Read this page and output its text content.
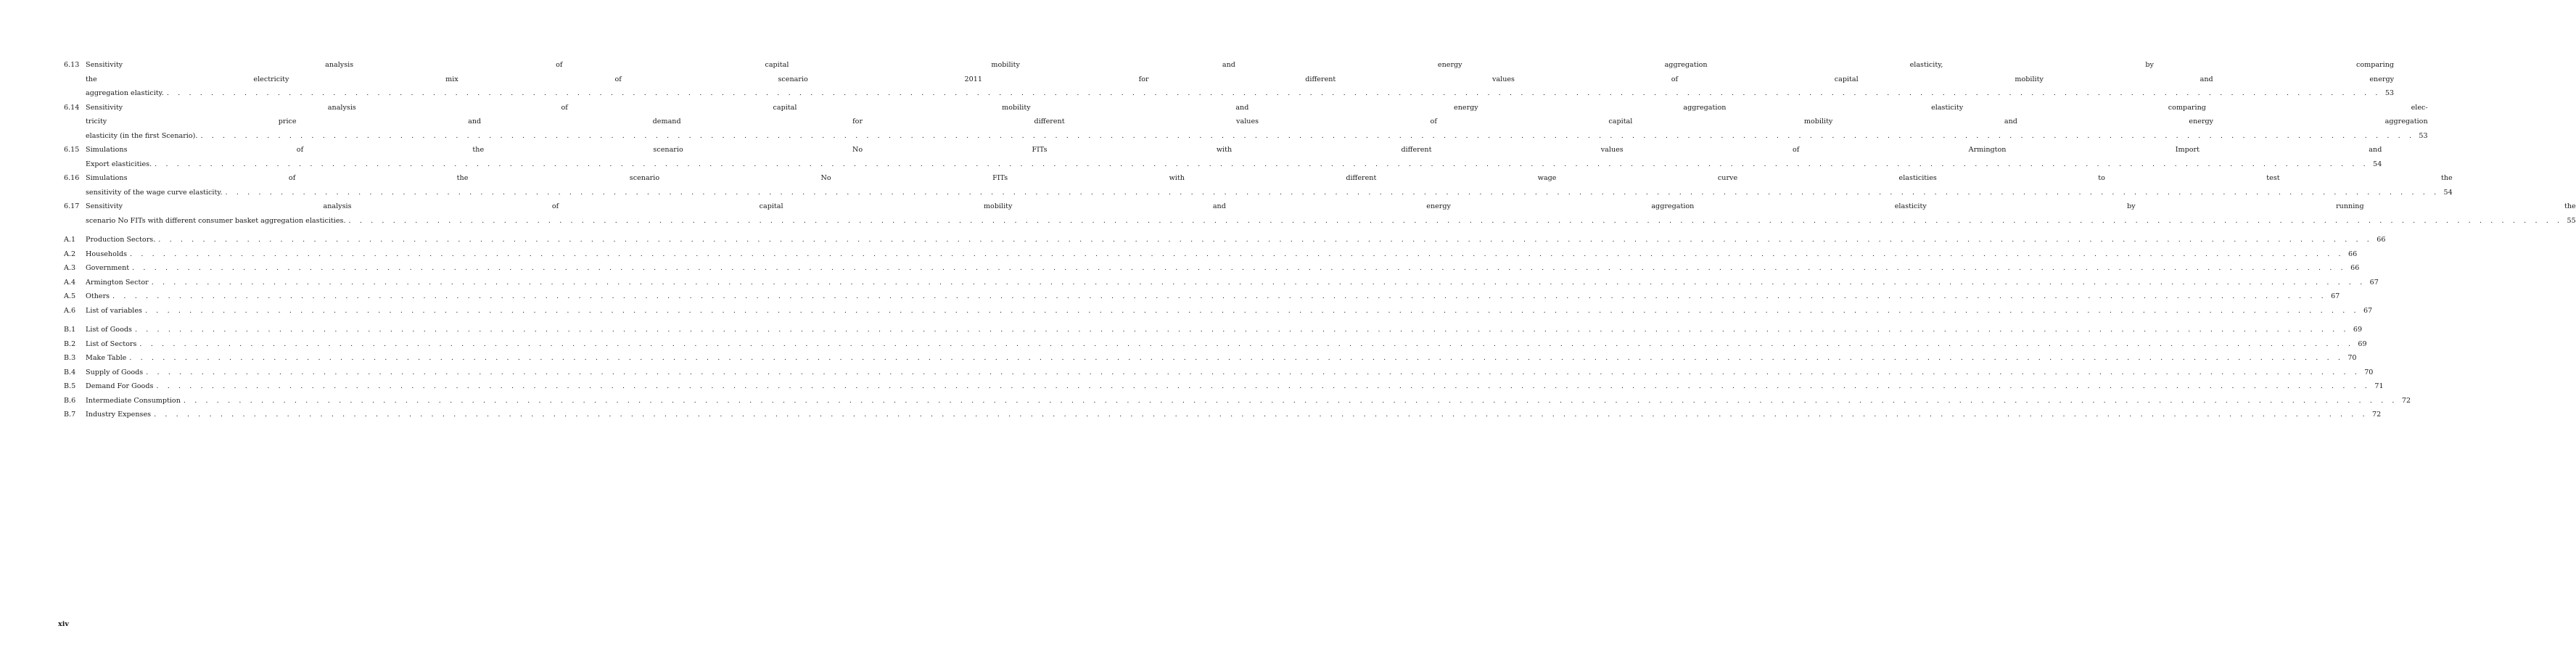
6.13 Sensitivity analysis of capital mobility and energy aggregation elasticity, by comparing
the electricity mix of scenario 2011 for different values of capital mobility and energy
aggregation elasticity. . . . . . . . . . . . . . . . . . . . . . . . . . . . . . . . . . . . . . . . . . . . . . . . . . . . . . . . . . . . . . . . . . . . . . . . . . . . . . . . . . . . . . . . . . . . . . . . . . . . . . . . . . . . . . . . . . . . . . . . . . . . . . . . . . . . . . . . . . . . . . . . . . . . . . . . . . . . . . . . . . . . . . . . . . . . . . . . . . . . . . . . . . . . . . . . . . . . . . . . . 53
6.14 Sensitivity analysis of capital mobility and energy aggregation elasticity comparing elec-
tricity price and demand for different values of capital mobility and energy aggregation
elasticity (in the first Scenario). . . . . . . . . . . . . . . . . . . . . . . . . . . . . . . . . . . . . . . . . . . . . . . . . . . . . . . . . . . . . . . . . . . . . . . . . . . . . . . . . . . . . . . . . . . . . . . . . . . . . . . . . . . . . . . . . . . . . . . . . . . . . . . . . . . . . . . . . . . . . . . . . . . . . . . . . . . . . . . . . . . . . . . . . . . . . . . . . . . . . . . . . . . . . . . . . . . . . . . . . 53
6.15 Simulations of the scenario No FITs with different values of Armington Import and
Export elasticities. . . . . . . . . . . . . . . . . . . . . . . . . . . . . . . . . . . . . . . . . . . . . . . . . . . . . . . . . . . . . . . . . . . . . . . . . . . . . . . . . . . . . . . . . . . . . . . . . . . . . . . . . . . . . . . . . . . . . . . . . . . . . . . . . . . . . . . . . . . . . . . . . . . . . . . . . . . . . . . . . . . . . . . . . . . . . . . . . . . . . . . . . . . . . . . . . . . . . . . . . 54
6.16 Simulations of the scenario No FITs with different wage curve elasticities to test the
sensitivity of the wage curve elasticity. . . . . . . . . . . . . . . . . . . . . . . . . . . . . . . . . . . . . . . . . . . . . . . . . . . . . . . . . . . . . . . . . . . . . . . . . . . . . . . . . . . . . . . . . . . . . . . . . . . . . . . . . . . . . . . . . . . . . . . . . . . . . . . . . . . . . . . . . . . . . . . . . . . . . . . . . . . . . . . . . . . . . . . . . . . . . . . . . . . . . . . . . . . . . . . . . . . . . . . . . 54
6.17 Sensitivity analysis of capital mobility and energy aggregation elasticity by running the
scenario No FITs with different consumer basket aggregation elasticities. . . . . . . . . . . . . . . . . . . . . . . . . . . . . . . . . . . . . . . . . . . . . . . . . . . . . . . . . . . . . . . . . . . . . . . . . . . . . . . . . . . . . . . . . . . . . . . . . . . . . . . . . . . . . . . . . . . . . . . . . . . . . . . . . . . . . . . . . . . . . . . . . . . . . . . . . . . . . . . . . . . . . . . . . . . . . . . . . . . . . . . . . . . . . . . . . . . . . . . . . 55
A.1	Production Sectors. . . . . . . . . . . . . . . . . . . . . . . . . . . . . . . . . . . . . . . . . . . . . . . . . . . . . . . . . . . . . . . . . . . . . . . . . . . . . . . . . . . . . . . . . . . . . . . . . . . . . . . . . . . . . . . . . . . . . . . . . . . . . . . . . . . . . . . . . . . . . . . . . . . . . . . . . . . . . . . . . . . . . . . . . . . . . . . . . . . . . . . . . . . . . . . . . . . . . . . . . 66
A.2	Households . . . . . . . . . . . . . . . . . . . . . . . . . . . . . . . . . . . . . . . . . . . . . . . . . . . . . . . . . . . . . . . . . . . . . . . . . . . . . . . . . . . . . . . . . . . . . . . . . . . . . . . . . . . . . . . . . . . . . . . . . . . . . . . . . . . . . . . . . . . . . . . . . . . . . . . . . . . . . . . . . . . . . . . . . . . . . . . . . . . . . . . . . . . . . . . . . . . . . . . . 66
A.3	Government . . . . . . . . . . . . . . . . . . . . . . . . . . . . . . . . . . . . . . . . . . . . . . . . . . . . . . . . . . . . . . . . . . . . . . . . . . . . . . . . . . . . . . . . . . . . . . . . . . . . . . . . . . . . . . . . . . . . . . . . . . . . . . . . . . . . . . . . . . . . . . . . . . . . . . . . . . . . . . . . . . . . . . . . . . . . . . . . . . . . . . . . . . . . . . . . . . . . . . . . 66
A.4	Armington Sector . . . . . . . . . . . . . . . . . . . . . . . . . . . . . . . . . . . . . . . . . . . . . . . . . . . . . . . . . . . . . . . . . . . . . . . . . . . . . . . . . . . . . . . . . . . . . . . . . . . . . . . . . . . . . . . . . . . . . . . . . . . . . . . . . . . . . . . . . . . . . . . . . . . . . . . . . . . . . . . . . . . . . . . . . . . . . . . . . . . . . . . . . . . . . . . . . . . . . . . . 67
A.5	Others . . . . . . . . . . . . . . . . . . . . . . . . . . . . . . . . . . . . . . . . . . . . . . . . . . . . . . . . . . . . . . . . . . . . . . . . . . . . . . . . . . . . . . . . . . . . . . . . . . . . . . . . . . . . . . . . . . . . . . . . . . . . . . . . . . . . . . . . . . . . . . . . . . . . . . . . . . . . . . . . . . . . . . . . . . . . . . . . . . . . . . . . . . . . . . . . . . . . . . . . 67
A.6	List of variables . . . . . . . . . . . . . . . . . . . . . . . . . . . . . . . . . . . . . . . . . . . . . . . . . . . . . . . . . . . . . . . . . . . . . . . . . . . . . . . . . . . . . . . . . . . . . . . . . . . . . . . . . . . . . . . . . . . . . . . . . . . . . . . . . . . . . . . . . . . . . . . . . . . . . . . . . . . . . . . . . . . . . . . . . . . . . . . . . . . . . . . . . . . . . . . . . . . . . . . . 67
B.1	List of Goods . . . . . . . . . . . . . . . . . . . . . . . . . . . . . . . . . . . . . . . . . . . . . . . . . . . . . . . . . . . . . . . . . . . . . . . . . . . . . . . . . . . . . . . . . . . . . . . . . . . . . . . . . . . . . . . . . . . . . . . . . . . . . . . . . . . . . . . . . . . . . . . . . . . . . . . . . . . . . . . . . . . . . . . . . . . . . . . . . . . . . . . . . . . . . . . . . . . . . . . . 69
B.2	List of Sectors . . . . . . . . . . . . . . . . . . . . . . . . . . . . . . . . . . . . . . . . . . . . . . . . . . . . . . . . . . . . . . . . . . . . . . . . . . . . . . . . . . . . . . . . . . . . . . . . . . . . . . . . . . . . . . . . . . . . . . . . . . . . . . . . . . . . . . . . . . . . . . . . . . . . . . . . . . . . . . . . . . . . . . . . . . . . . . . . . . . . . . . . . . . . . . . . . . . . . . . . 69
B.3	Make Table . . . . . . . . . . . . . . . . . . . . . . . . . . . . . . . . . . . . . . . . . . . . . . . . . . . . . . . . . . . . . . . . . . . . . . . . . . . . . . . . . . . . . . . . . . . . . . . . . . . . . . . . . . . . . . . . . . . . . . . . . . . . . . . . . . . . . . . . . . . . . . . . . . . . . . . . . . . . . . . . . . . . . . . . . . . . . . . . . . . . . . . . . . . . . . . . . . . . . . . . 70
B.4	Supply of Goods . . . . . . . . . . . . . . . . . . . . . . . . . . . . . . . . . . . . . . . . . . . . . . . . . . . . . . . . . . . . . . . . . . . . . . . . . . . . . . . . . . . . . . . . . . . . . . . . . . . . . . . . . . . . . . . . . . . . . . . . . . . . . . . . . . . . . . . . . . . . . . . . . . . . . . . . . . . . . . . . . . . . . . . . . . . . . . . . . . . . . . . . . . . . . . . . . . . . . . . . 70
B.5	Demand For Goods . . . . . . . . . . . . . . . . . . . . . . . . . . . . . . . . . . . . . . . . . . . . . . . . . . . . . . . . . . . . . . . . . . . . . . . . . . . . . . . . . . . . . . . . . . . . . . . . . . . . . . . . . . . . . . . . . . . . . . . . . . . . . . . . . . . . . . . . . . . . . . . . . . . . . . . . . . . . . . . . . . . . . . . . . . . . . . . . . . . . . . . . . . . . . . . . . . . . . . . . 71
B.6	Intermediate Consumption . . . . . . . . . . . . . . . . . . . . . . . . . . . . . . . . . . . . . . . . . . . . . . . . . . . . . . . . . . . . . . . . . . . . . . . . . . . . . . . . . . . . . . . . . . . . . . . . . . . . . . . . . . . . . . . . . . . . . . . . . . . . . . . . . . . . . . . . . . . . . . . . . . . . . . . . . . . . . . . . . . . . . . . . . . . . . . . . . . . . . . . . . . . . . . . . . . . . . . . . 72
B.7	Industry Expenses . . . . . . . . . . . . . . . . . . . . . . . . . . . . . . . . . . . . . . . . . . . . . . . . . . . . . . . . . . . . . . . . . . . . . . . . . . . . . . . . . . . . . . . . . . . . . . . . . . . . . . . . . . . . . . . . . . . . . . . . . . . . . . . . . . . . . . . . . . . . . . . . . . . . . . . . . . . . . . . . . . . . . . . . . . . . . . . . . . . . . . . . . . . . . . . . . . . . . . . . 72
xiv
